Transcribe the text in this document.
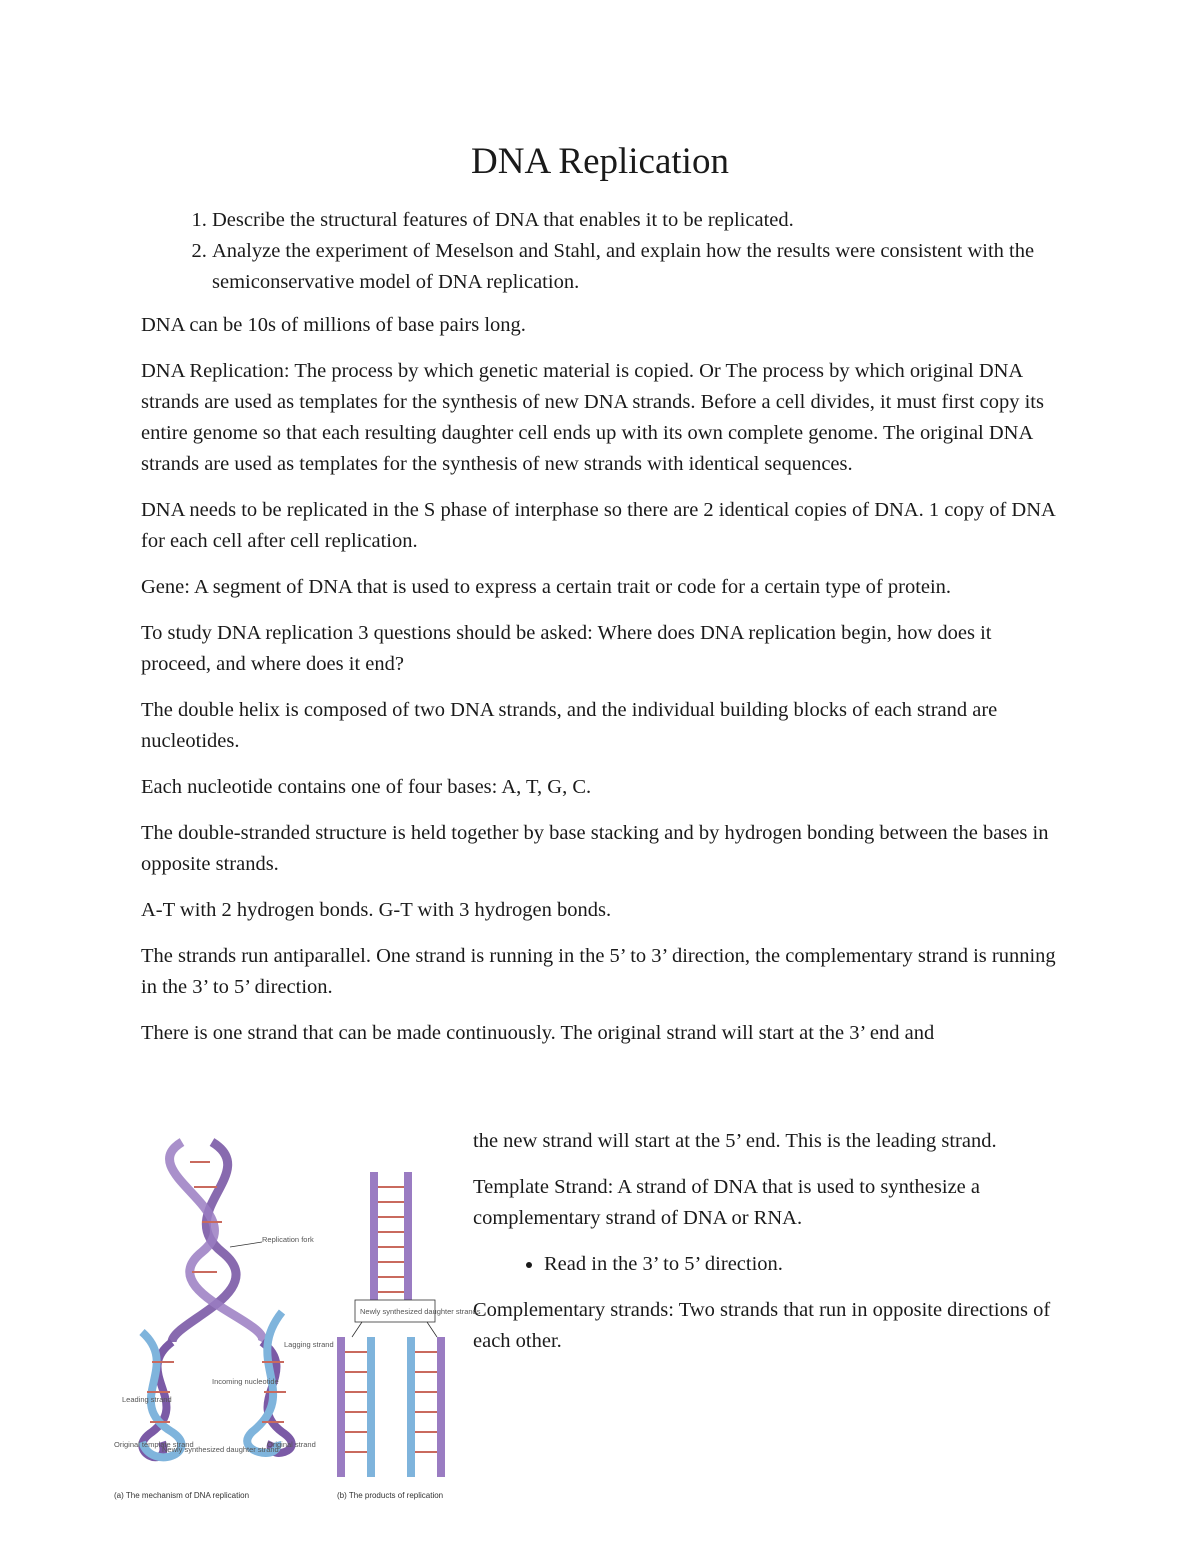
DNA Replication
1. Describe the structural features of DNA that enables it to be replicated.
2. Analyze the experiment of Meselson and Stahl, and explain how the results were consistent with the semiconservative model of DNA replication.

DNA can be 10s of millions of base pairs long.

DNA Replication: The process by which genetic material is copied. Or The process by which original DNA strands are used as templates for the synthesis of new DNA strands. Before a cell divides, it must first copy its entire genome so that each resulting daughter cell ends up with its own complete genome. The original DNA strands are used as templates for the synthesis of new strands with identical sequences.

DNA needs to be replicated in the S phase of interphase so there are 2 identical copies of DNA. 1 copy of DNA for each cell after cell replication.

Gene: A segment of DNA that is used to express a certain trait or code for a certain type of protein.

To study DNA replication 3 questions should be asked: Where does DNA replication begin, how does it proceed, and where does it end?

The double helix is composed of two DNA strands, and the individual building blocks of each strand are nucleotides.

Each nucleotide contains one of four bases: A, T, G, C.

The double-stranded structure is held together by base stacking and by hydrogen bonding between the bases in opposite strands.

A-T with 2 hydrogen bonds. G-T with 3 hydrogen bonds.

The strands run antiparallel. One strand is running in the 5’ to 3’ direction, the complementary strand is running in the 3’ to 5’ direction.

There is one strand that can be made continuously. The original strand will start at the 3’ end and

the new strand will start at the 5’ end. This is the leading strand.

Template Strand: A strand of DNA that is used to synthesize a complementary strand of DNA or RNA.

• Read in the 3’ to 5’ direction.

Complementary strands: Two strands that run in opposite directions of each other.

Replication fork
Lagging strand
Leading strand
Incoming nucleotide
Original template strand
Newly synthesized daughter strand
Original strand
Newly synthesized daughter strands
(a) The mechanism of DNA replication	(b) The products of replication
